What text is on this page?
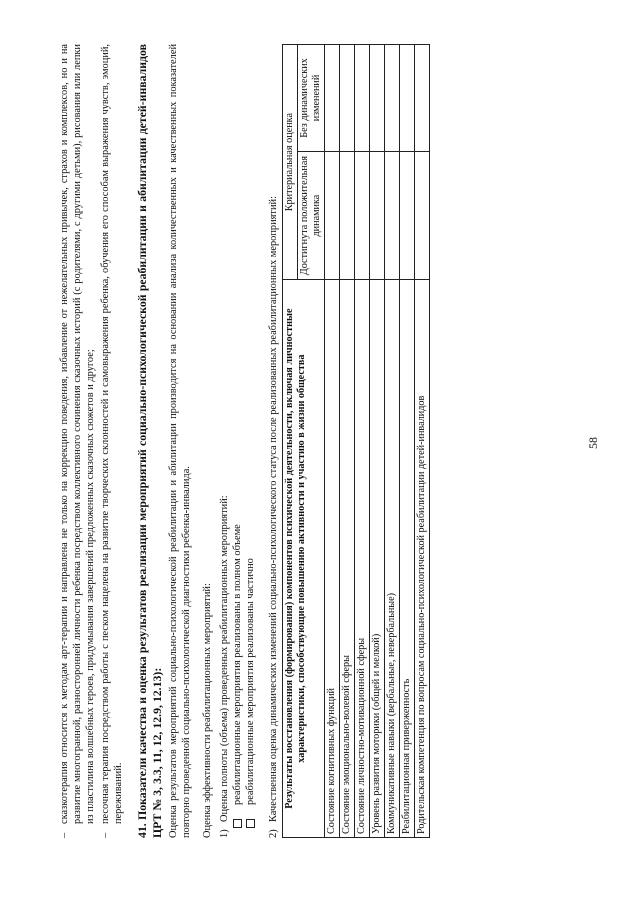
58
–
сказкотерапия относится к методам арт-терапии и направлена не только на коррекцию поведения, избавление от нежелательных привычек, страхов и комплексов, но и на развитие многогранной, разносторонней личности ребенка посредством коллективного сочинения сказочных историй (с родителями, с другими детьми), рисования или лепки из пластилина волшебных героев, придумывания завершений предложенных сказочных сюжетов и другое;
–
песочная терапия посредством работы с песком нацелена на развитие творческих склонностей и самовыражения ребенка, обучения его способам выражения чувств, эмоций, переживаний. 41. Показатели качества и оценка результатов реализации мероприятий социально-психологической реабилитации и абилитации детей-инвалидов ЦРТ № 3, 3.3, 11, 12, 12.9, 12.13): Оценка результатов мероприятий социально-психологической реабилитации и абилитации производится на основании анализа количественных и качественных показателей повторно проведенной социально-психологической диагностики ребенка-инвалида. Оценка эффективности реабилитационных мероприятий: 1)
Оценка полноты (объема) проведенных реабилитационных мероприятий: реабилитационные мероприятия реализованы в полном объеме реабилитационные мероприятия реализованы частично
2)
Качественная оценка динамических изменений социально-психологического статуса после реализованных реабилитационных мероприятий: Результаты восстановления (формирования) компонентов психической деятельности, включая личностные характеристики, способствующие повышению активности и участию в жизни общества	Критериальная оценка	
	Достигнута положительная динамика	Без динамических изменений
Состояние когнитивных функций		
Состояние эмоционально-волевой сферы		
Состояние личностно-мотивационной сферы		
Уровень развития моторики (общей и мелкой)		
Коммуникативные навыки (вербальные, невербальные)		
Реабилитационная приверженность		
Родительская компетенция по вопросам социально-психологической реабилитации детей-инвалидов		
